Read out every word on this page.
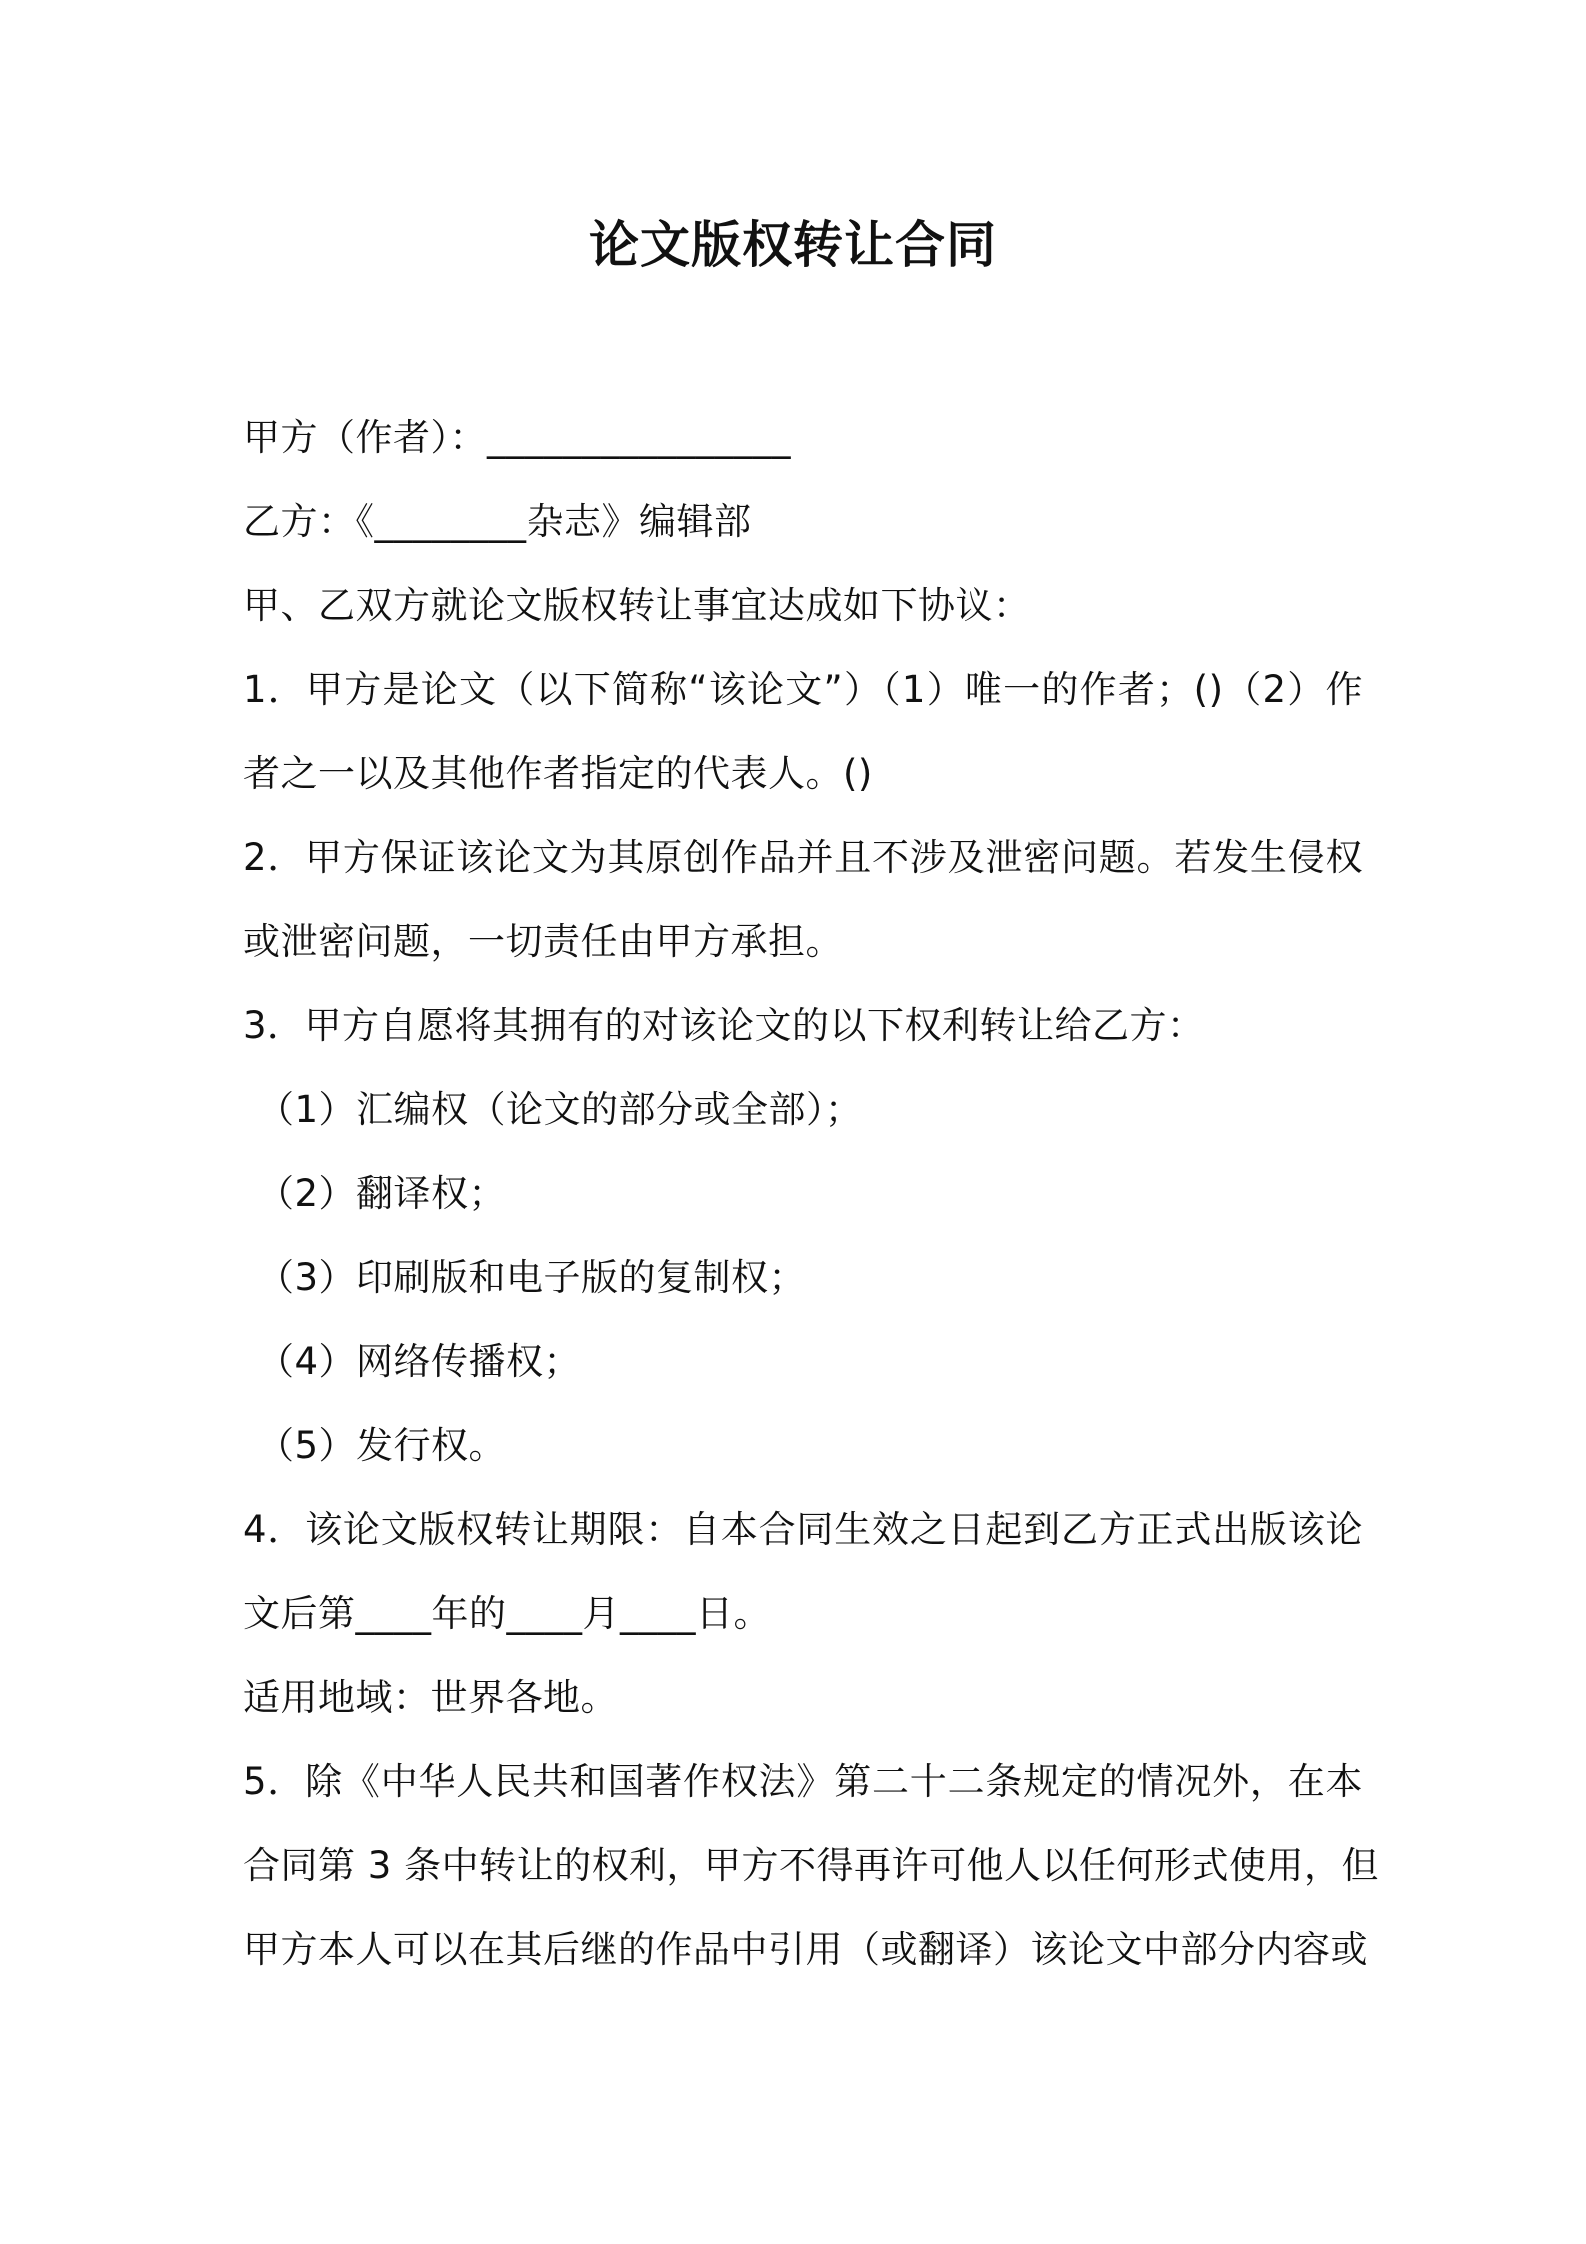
论文版权转让合同
甲方（作者）：________________
乙方：《________杂志》编辑部
甲、乙双方就论文版权转让事宜达成如下协议：
1．甲方是论文（以下简称“该论文”）（1）唯一的作者；()（2）作
者之一以及其他作者指定的代表人。()
2．甲方保证该论文为其原创作品并且不涉及泄密问题。若发生侵权
或泄密问题，一切责任由甲方承担。
3．甲方自愿将其拥有的对该论文的以下权利转让给乙方：
（1）汇编权（论文的部分或全部）；
（2）翻译权；
（3）印刷版和电子版的复制权；
（4）网络传播权；
（5）发行权。
4．该论文版权转让期限：自本合同生效之日起到乙方正式出版该论
文后第____年的____月____日。
适用地域：世界各地。
5．除《中华人民共和国著作权法》第二十二条规定的情况外，在本
合同第 3 条中转让的权利，甲方不得再许可他人以任何形式使用，但
甲方本人可以在其后继的作品中引用（或翻译）该论文中部分内容或
